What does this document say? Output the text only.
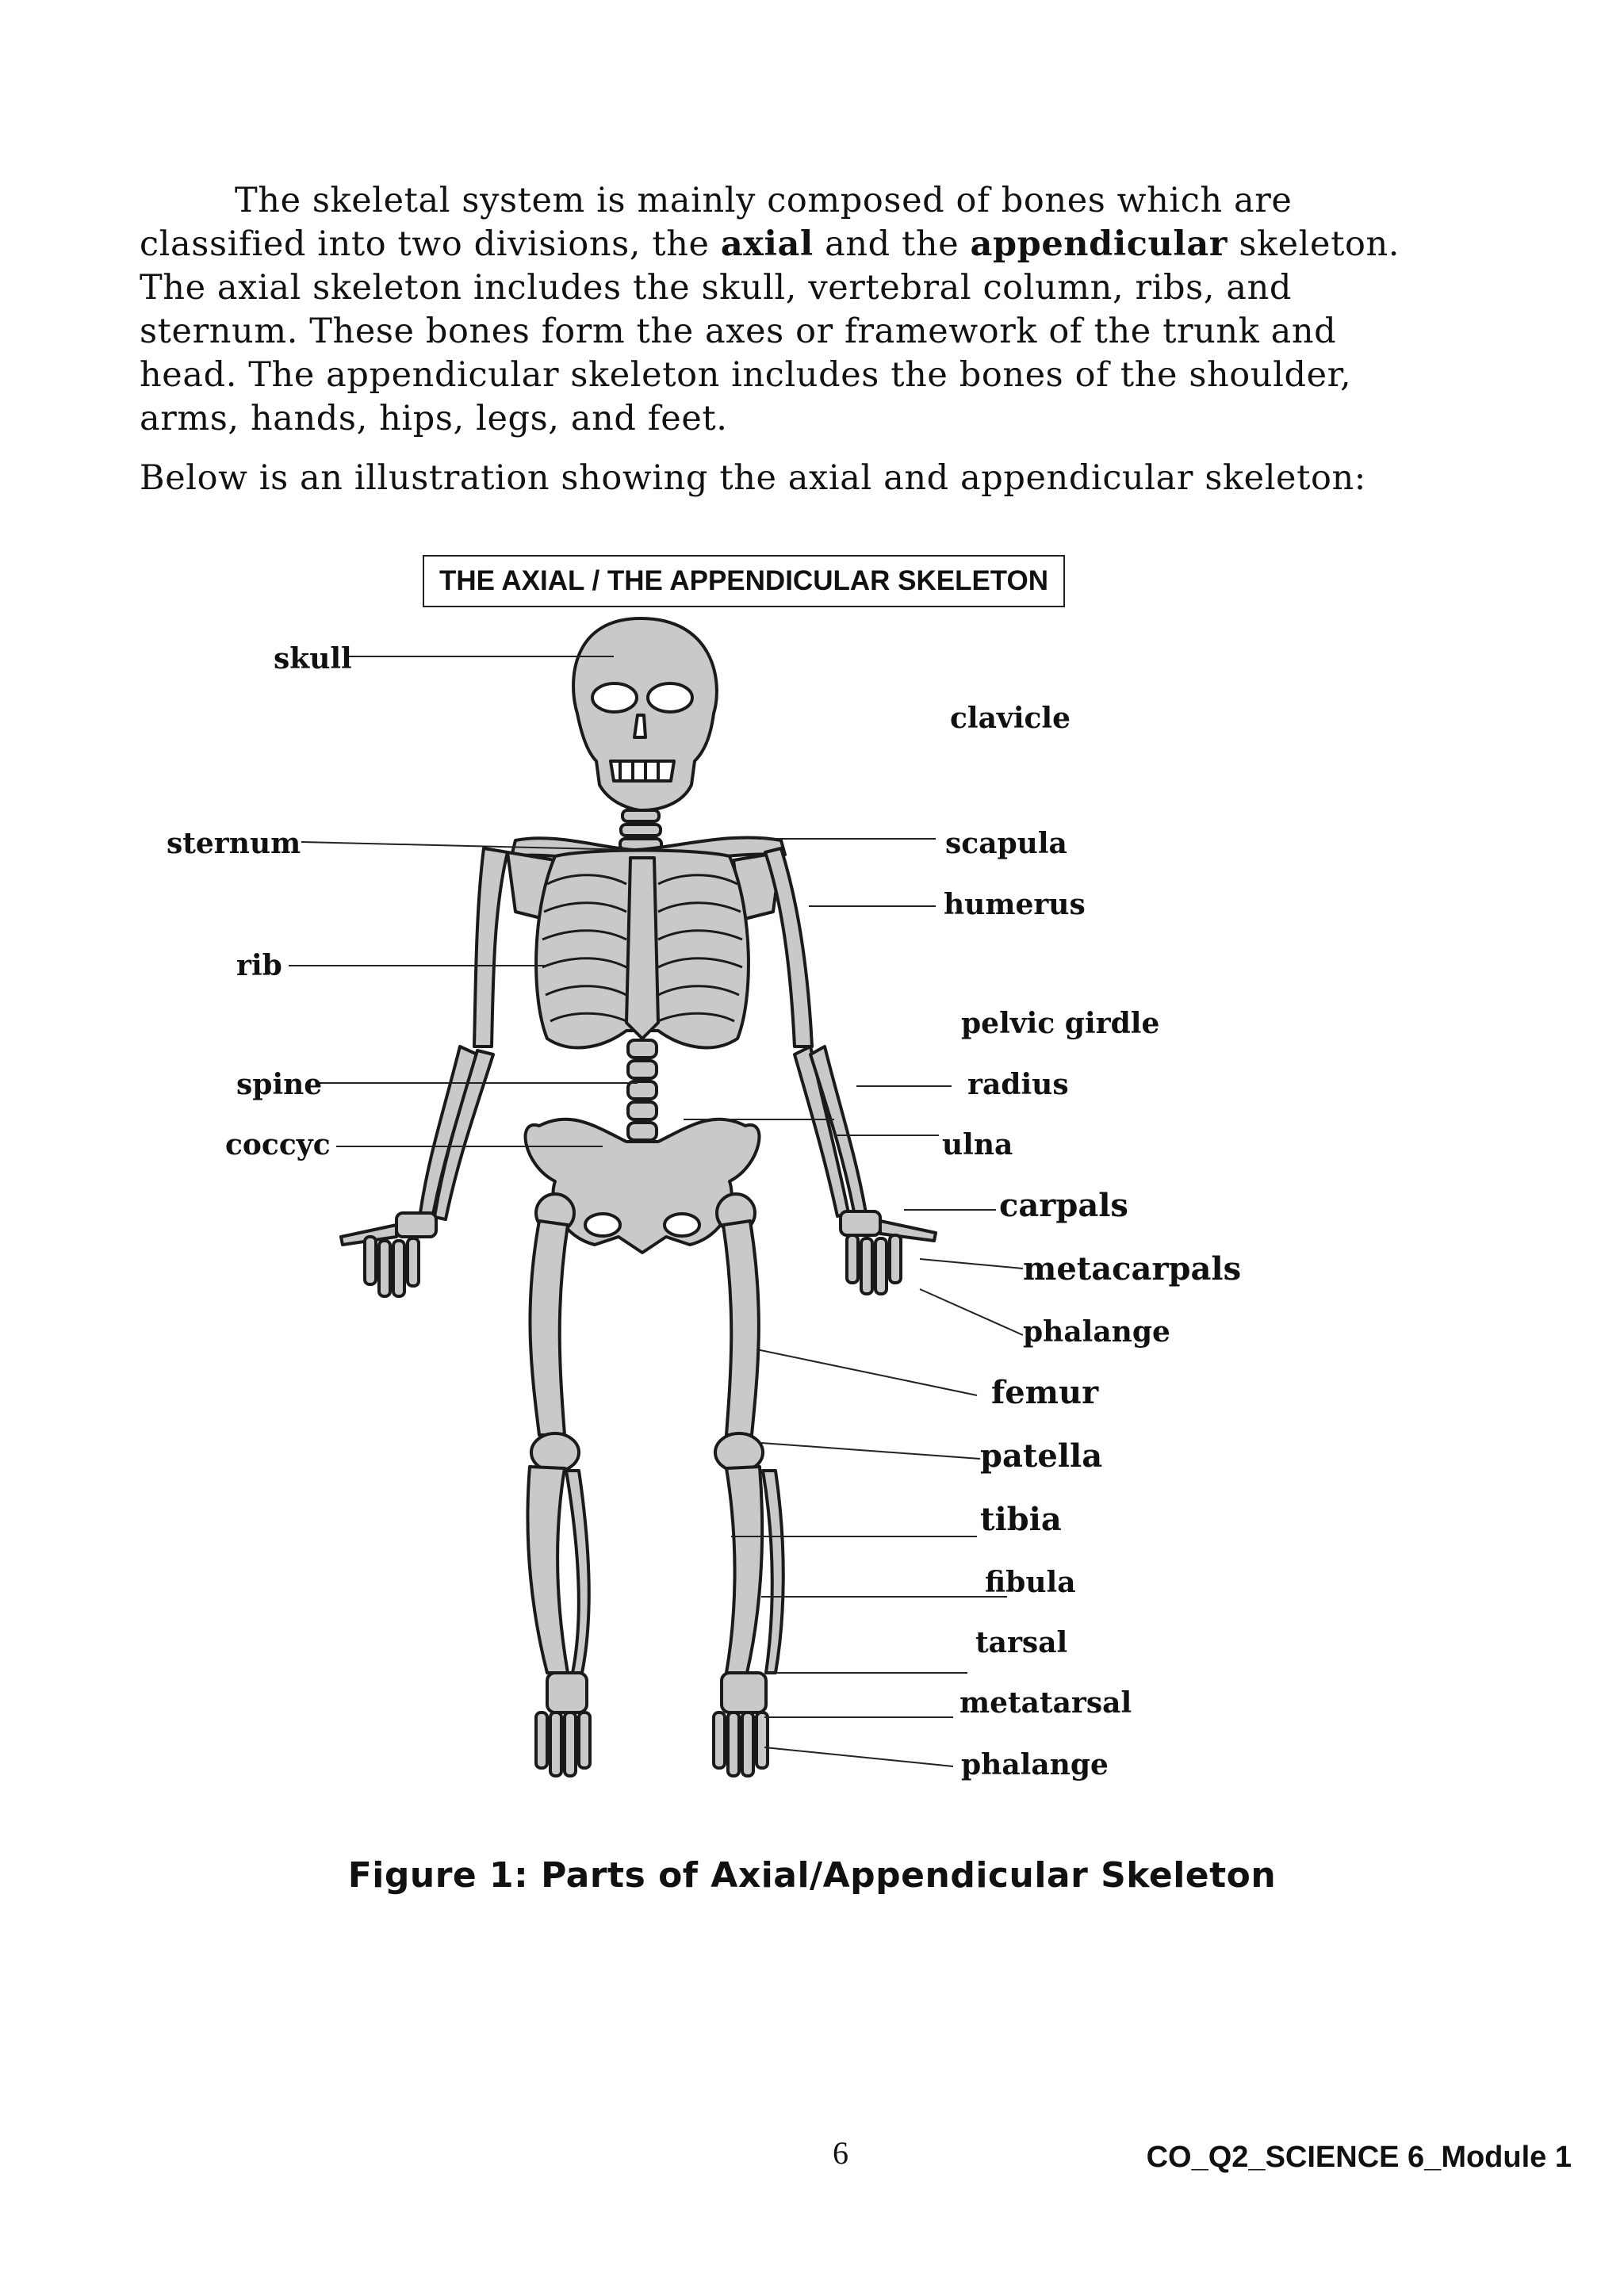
The skeletal system is mainly composed of bones which are classified into two divisions, the axial and the appendicular skeleton. The axial skeleton includes the skull, vertebral column, ribs, and sternum. These bones form the axes or framework of the trunk and head. The appendicular skeleton includes the bones of the shoulder, arms, hands, hips, legs, and feet.

Below is an illustration showing the axial and appendicular skeleton:

THE AXIAL / THE APPENDICULAR SKELETON
skull
clavicle
sternum	scapula
humerus
rib
pelvic girdle
spine	radius
coccyc	ulna
carpals
metacarpals
phalange
femur
patella
tibia
fibula
tarsal
metatarsal
phalange
Figure 1: Parts of Axial/Appendicular Skeleton
6	CO_Q2_SCIENCE 6_Module 1
